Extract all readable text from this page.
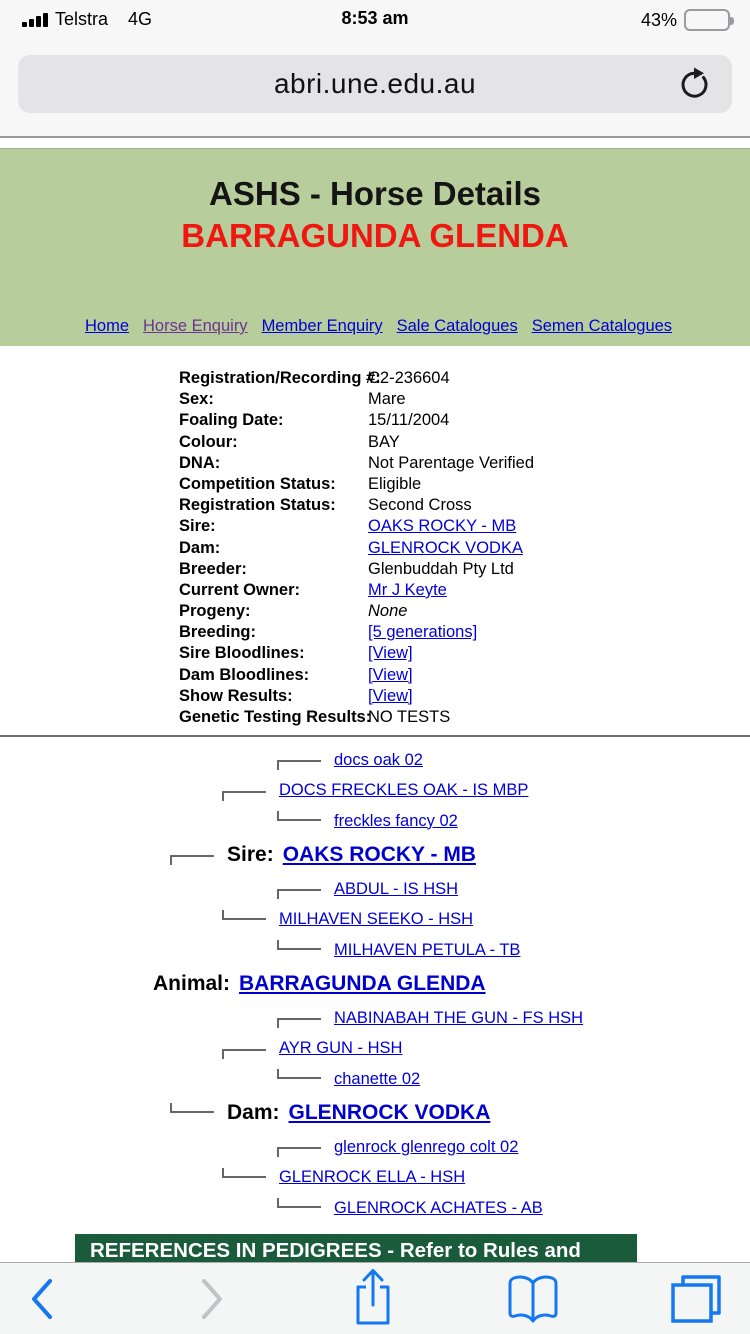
Telstra 4G	8:53 am	43%
abri.une.edu.au
ASHS - Horse Details
BARRAGUNDA GLENDA
Home Horse Enquiry Member Enquiry Sale Catalogues Semen Catalogues
Registration/Recording #:C2-236604
Sex:	Mare
Foaling Date:	15/11/2004
Colour:	BAY
DNA:	Not Parentage Verified
Competition Status: Eligible
Registration Status: Second Cross
Sire:	OAKS ROCKY - MB
Dam:	GLENROCK VODKA
Breeder:	Glenbuddah Pty Ltd
Current Owner:	Mr J Keyte
Progeny:	None
Breeding:	[5 generations]
Sire Bloodlines:	[View]
Dam Bloodlines:	[View]
Show Results:	[View]
Genetic Testing Results:NO TESTS
docs oak 02
DOCS FRECKLES OAK - IS MBP
freckles fancy 02
Sire: OAKS ROCKY - MB
ABDUL - IS HSH
MILHAVEN SEEKO - HSH
MILHAVEN PETULA - TB
Animal: BARRAGUNDA GLENDA
NABINABAH THE GUN - FS HSH
AYR GUN - HSH
chanette 02
Dam: GLENROCK VODKA
glenrock glenrego colt 02
GLENROCK ELLA - HSH
GLENROCK ACHATES - AB
REFERENCES IN PEDIGREES - Refer to Rules and
